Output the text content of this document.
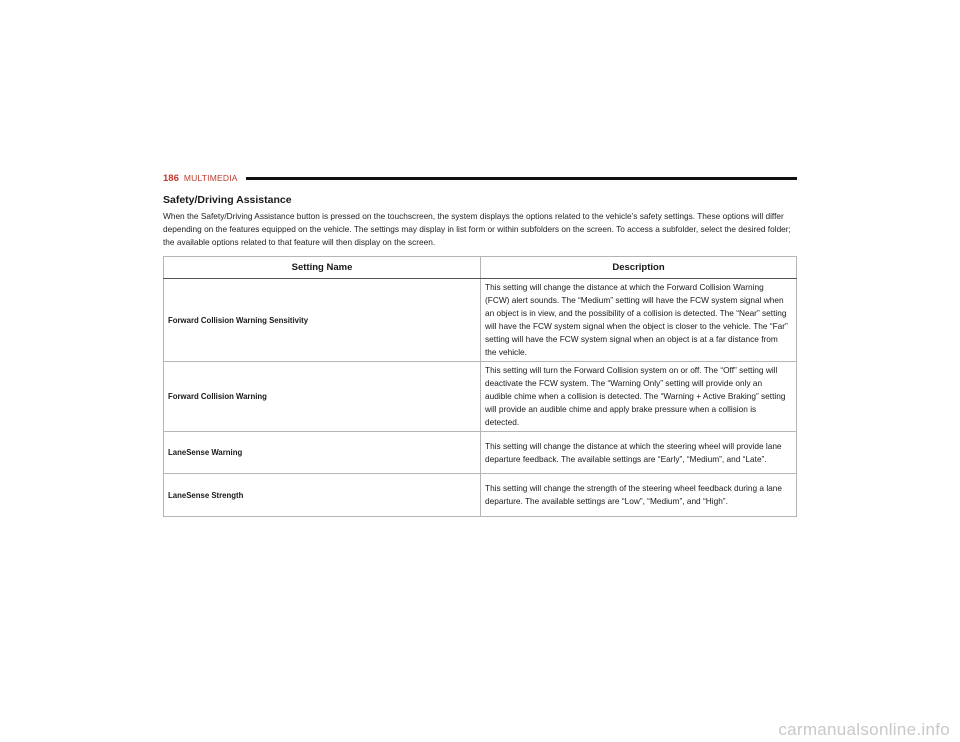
186 MULTIMEDIA
Safety/Driving Assistance

When the Safety/Driving Assistance button is pressed on the touchscreen, the system displays the options related to the vehicle’s safety settings. These options will differ depending on the features equipped on the vehicle. The settings may display in list form or within subfolders on the screen. To access a subfolder, select the desired folder; the available options related to that feature will then display on the screen.

Setting Name	Description
Forward Collision Warning Sensitivity	This setting will change the distance at which the Forward Collision Warning (FCW) alert sounds. The “Medium” setting will have the FCW system signal when an object is in view, and the possibility of a collision is detected. The “Near” setting will have the FCW system signal when the object is closer to the vehicle. The “Far” setting will have the FCW system signal when an object is at a far distance from the vehicle.
Forward Collision Warning	This setting will turn the Forward Collision system on or off. The “Off” setting will deactivate the FCW system. The “Warning Only” setting will provide only an audible chime when a collision is detected. The “Warning + Active Braking” setting will provide an audible chime and apply brake pressure when a collision is detected.
LaneSense Warning	This setting will change the distance at which the steering wheel will provide lane departure feedback. The available settings are “Early”, “Medium”, and “Late”.
LaneSense Strength	This setting will change the strength of the steering wheel feedback during a lane departure. The available settings are “Low”, “Medium”, and “High”.
carmanualsonline.info
